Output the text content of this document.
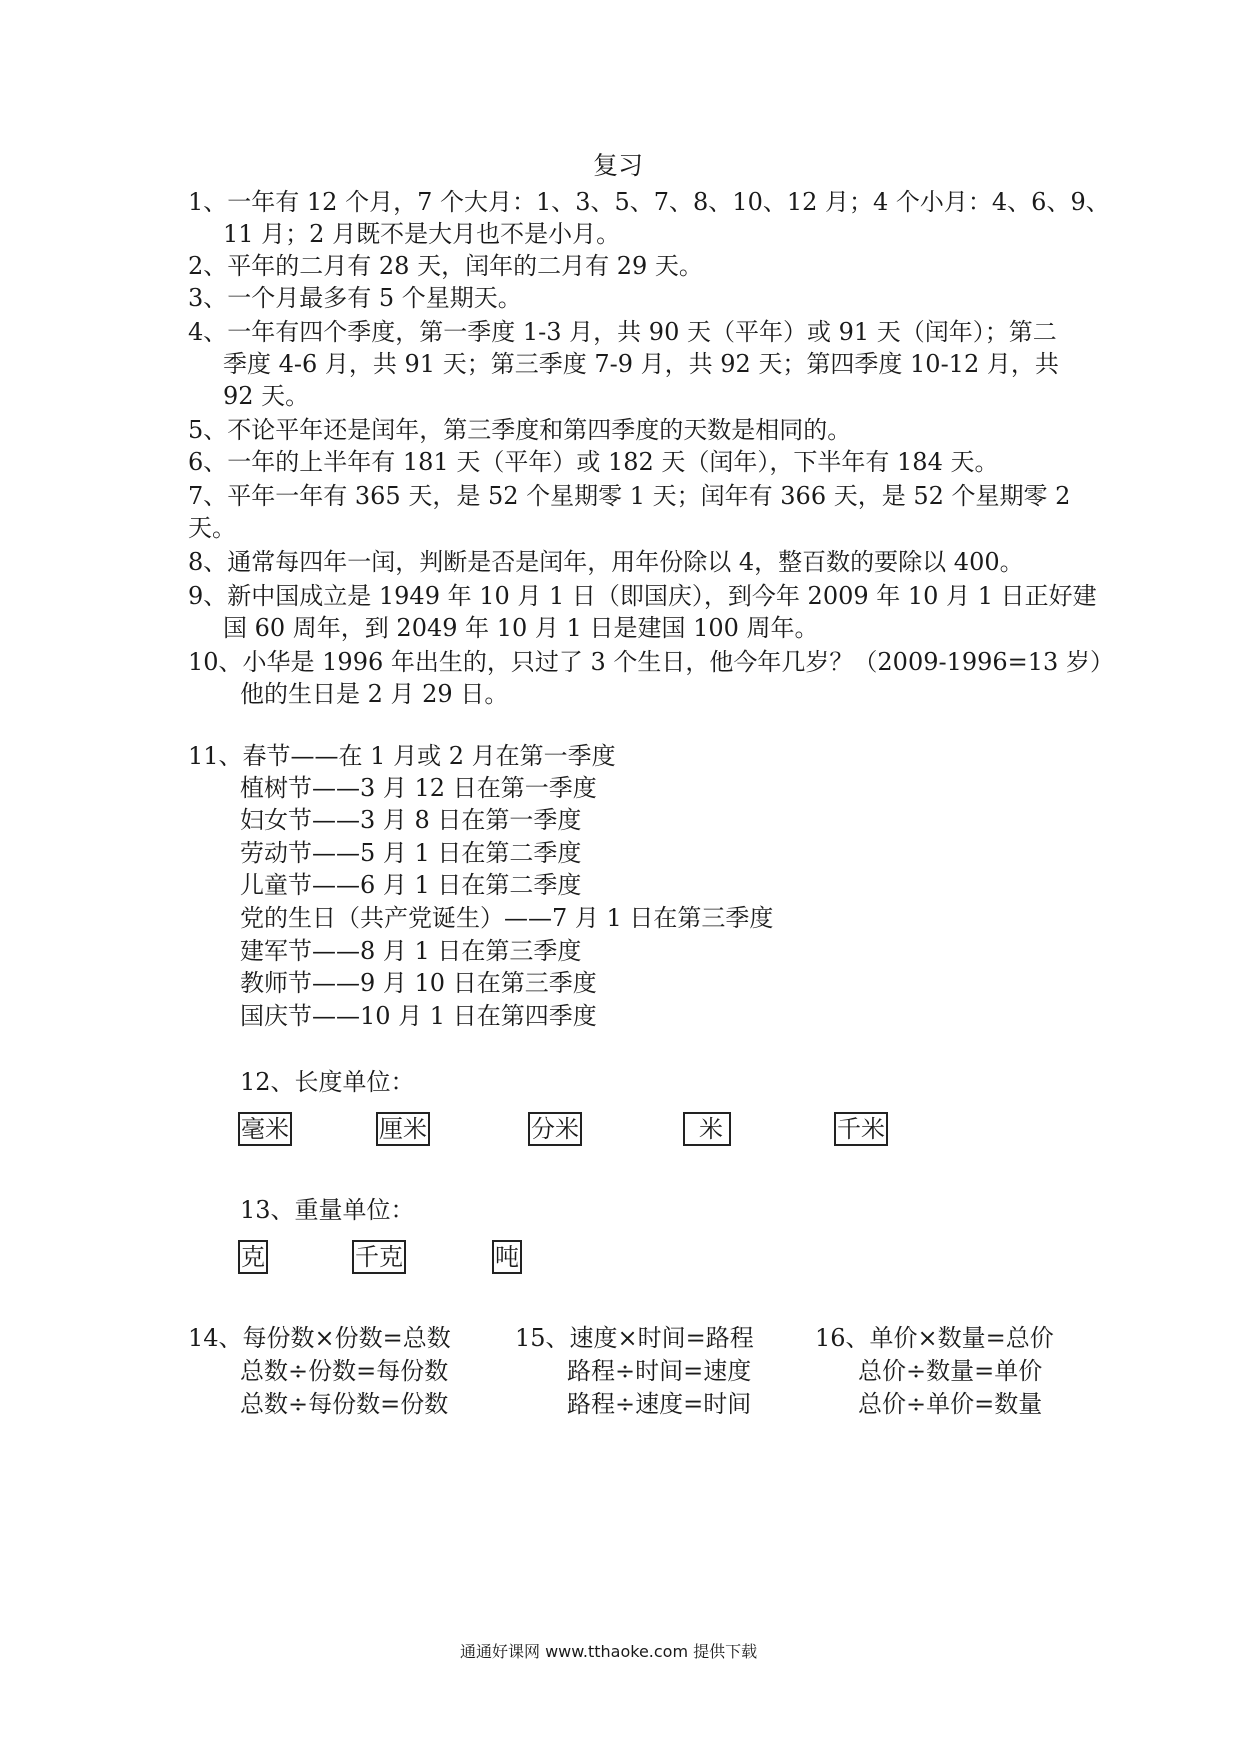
复习
1、一年有 12 个月，7 个大月：1、3、5、7、8、10、12 月；4 个小月：4、6、9、
11 月；2 月既不是大月也不是小月。
2、平年的二月有 28 天，闰年的二月有 29 天。
3、一个月最多有 5 个星期天。
4、一年有四个季度，第一季度 1-3 月，共 90 天（平年）或 91 天（闰年）；第二
季度 4-6 月，共 91 天；第三季度 7-9 月，共 92 天；第四季度 10-12 月，共
92 天。
5、不论平年还是闰年，第三季度和第四季度的天数是相同的。
6、一年的上半年有 181 天（平年）或 182 天（闰年），下半年有 184 天。
7、平年一年有 365 天，是 52 个星期零 1 天；闰年有 366 天，是 52 个星期零 2
天。
8、通常每四年一闰，判断是否是闰年，用年份除以 4，整百数的要除以 400。
9、新中国成立是 1949 年 10 月 1 日（即国庆），到今年 2009 年 10 月 1 日正好建
国 60 周年，到 2049 年 10 月 1 日是建国 100 周年。
10、小华是 1996 年出生的，只过了 3 个生日，他今年几岁？（2009-1996=13 岁）
他的生日是 2 月 29 日。
11、春节——在 1 月或 2 月在第一季度
植树节——3 月 12 日在第一季度
妇女节——3 月 8 日在第一季度
劳动节——5 月 1 日在第二季度
儿童节——6 月 1 日在第二季度
党的生日（共产党诞生）——7 月 1 日在第三季度
建军节——8 月 1 日在第三季度
教师节——9 月 10 日在第三季度
国庆节——10 月 1 日在第四季度
12、长度单位：
毫米	厘米	分米	米	千米
13、重量单位：
克	千克	吨
14、每份数×份数=总数
总数÷份数=每份数
总数÷每份数=份数
15、速度×时间=路程
路程÷时间=速度
路程÷速度=时间
16、单价×数量=总价
总价÷数量=单价
总价÷单价=数量
通通好课网 www.tthaoke.com 提供下载
